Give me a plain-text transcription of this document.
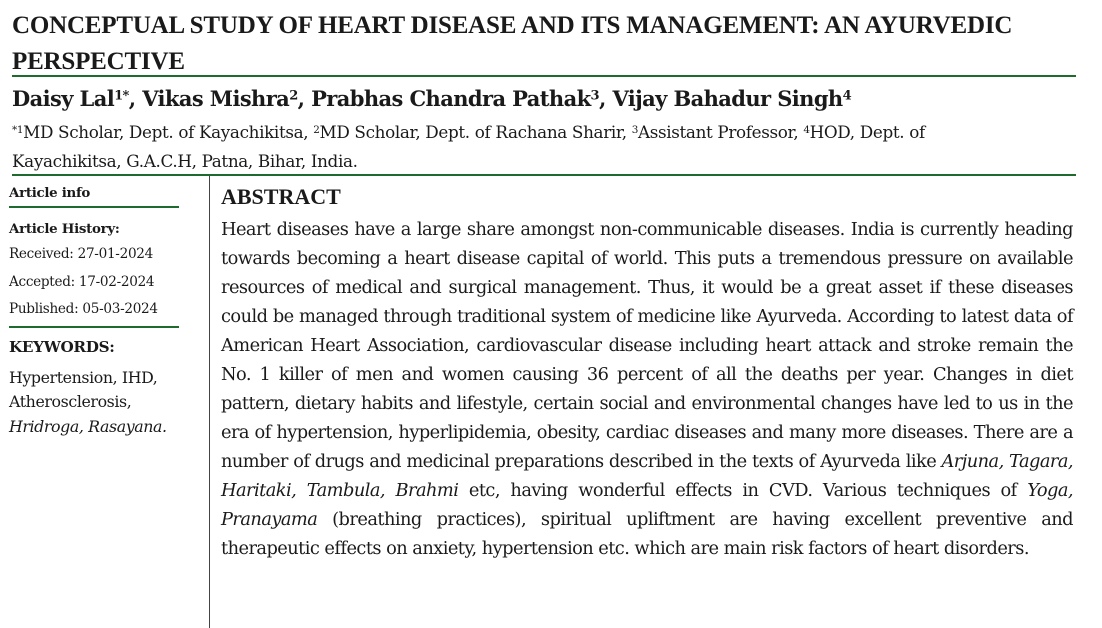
CONCEPTUAL STUDY OF HEART DISEASE AND ITS MANAGEMENT: AN AYURVEDIC PERSPECTIVE
Daisy Lal$^{1*}$, Vikas Mishra$^2$, Prabhas Chandra Pathak$^3$, Vijay Bahadur Singh$^4$
$^{*1}$MD Scholar, Dept. of Kayachikitsa, $^2$MD Scholar, Dept. of Rachana Sharir, $^3$Assistant Professor, $^4$HOD, Dept. of
Kayachikitsa, G.A.C.H, Patna, Bihar, India.
Article info
Article History:
Received: 27-01-2024
Accepted: 17-02-2024
Published: 05-03-2024
KEYWORDS:
Hypertension, IHD,
Atherosclerosis,
Hridroga, Rasayana.
ABSTRACT

Heart diseases have a large share amongst non-communicable diseases. India is currently heading towards becoming a heart disease capital of world. This puts a tremendous pressure on available resources of medical and surgical management. Thus, it would be a great asset if these diseases could be managed through traditional system of medicine like Ayurveda. According to latest data of American Heart Association, cardiovascular disease including heart attack and stroke remain the No. 1 killer of men and women causing 36 percent of all the deaths per year. Changes in diet pattern, dietary habits and lifestyle, certain social and environmental changes have led to us in the era of hypertension, hyperlipidemia, obesity, cardiac diseases and many more diseases. There are a number of drugs and medicinal preparations described in the texts of Ayurveda like Arjuna, Tagara, Haritaki, Tambula, Brahmi etc, having wonderful effects in CVD. Various techniques of Yoga, Pranayama (breathing practices), spiritual upliftment are having excellent preventive and therapeutic effects on anxiety, hypertension etc. which are main risk factors of heart disorders.
